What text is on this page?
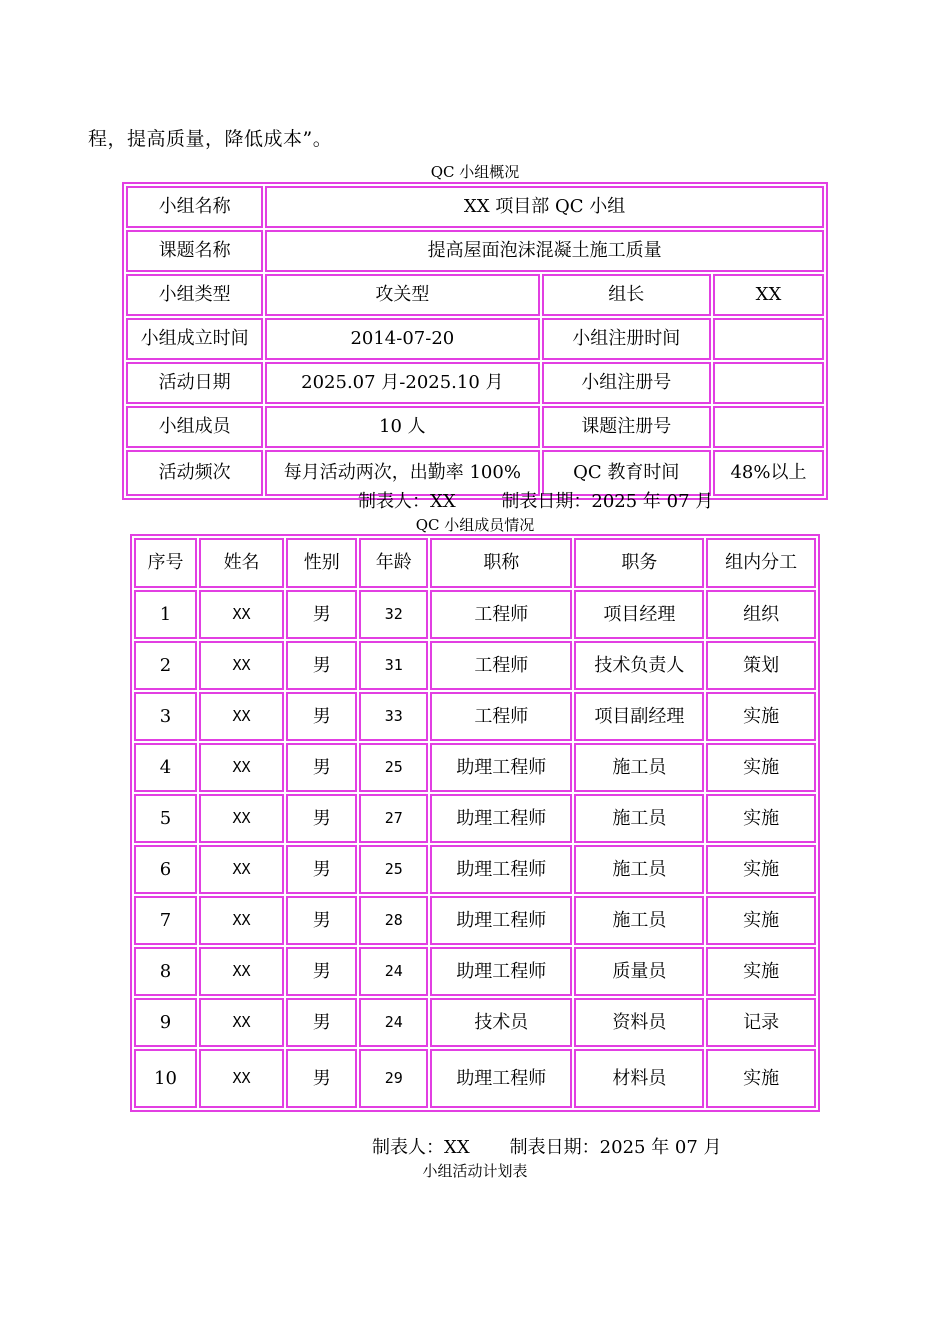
程，提高质量，降低成本”。
QC 小组概况
小组名称	XX 项目部 QC 小组		
课题名称	提高屋面泡沫混凝土施工质量		
小组类型	攻关型	组长	XX
小组成立时间	2014-07-20	小组注册时间	
活动日期	2025.07 月-2025.10 月	小组注册号	
小组成员	10 人	课题注册号	
活动频次	每月活动两次，出勤率 100%	QC 教育时间	48%以上
制表人：XX        制表日期：2025 年 07 月
QC 小组成员情况
序号	姓名	性别	年龄	职称	职务	组内分工
1	XX	男	32	工程师	项目经理	组织
2	XX	男	31	工程师	技术负责人	策划
3	XX	男	33	工程师	项目副经理	实施
4	XX	男	25	助理工程师	施工员	实施
5	XX	男	27	助理工程师	施工员	实施
6	XX	男	25	助理工程师	施工员	实施
7	XX	男	28	助理工程师	施工员	实施
8	XX	男	24	助理工程师	质量员	实施
9	XX	男	24	技术员	资料员	记录
10	XX	男	29	助理工程师	材料员	实施
制表人：XX       制表日期：2025 年 07 月
小组活动计划表
